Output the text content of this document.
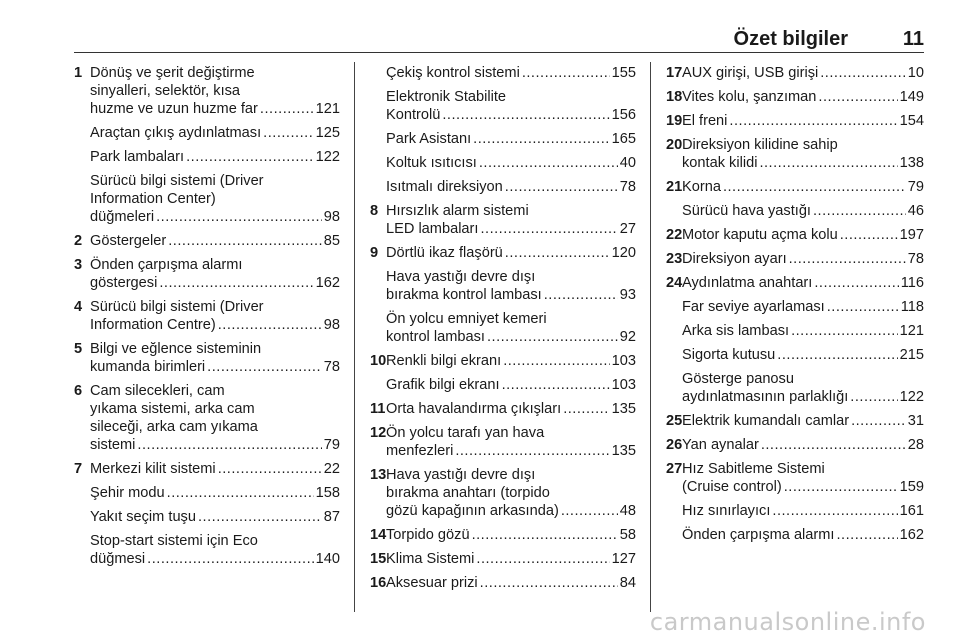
Özet bilgiler	11
1 Dönüş ve şerit değiştirme
sinyalleri, selektör, kısa
huzme ve uzun huzme far .....	121
Araçtan çıkış aydınlatması .....	125
Park lambaları .....	122
Sürücü bilgi sistemi (Driver
Information Center)
düğmeleri .....	98
2 Göstergeler .....	85
3 Önden çarpışma alarmı
göstergesi .....	162
4 Sürücü bilgi sistemi (Driver
Information Centre) .....	98
5 Bilgi ve eğlence sisteminin
kumanda birimleri .....	78
6 Cam silecekleri, cam
yıkama sistemi, arka cam
sileceği, arka cam yıkama
sistemi .....	79
7 Merkezi kilit sistemi .....	22
Şehir modu .....	158
Yakıt seçim tuşu .....	87
Stop-start sistemi için Eco
düğmesi .....	140
Çekiş kontrol sistemi .....	155
Elektronik Stabilite
Kontrolü .....	156
Park Asistanı .....	165
Koltuk ısıtıcısı .....	40
Isıtmalı direksiyon .....	78
8 Hırsızlık alarm sistemi
LED lambaları .....	27
9 Dörtlü ikaz flaşörü .....	120
Hava yastığı devre dışı
bırakma kontrol lambası .....	93
Ön yolcu emniyet kemeri
kontrol lambası .....	92
10 Renkli bilgi ekranı .....	103
Grafik bilgi ekranı .....	103
11 Orta havalandırma çıkışları .....	135
12 Ön yolcu tarafı yan hava
menfezleri .....	135
13 Hava yastığı devre dışı
bırakma anahtarı (torpido
gözü kapağının arkasında) .....	48
14 Torpido gözü .....	58
15 Klima Sistemi .....	127
16 Aksesuar prizi .....	84
17 AUX girişi, USB girişi .....	10
18 Vites kolu, şanzıman .....	149
19 El freni .....	154
20 Direksiyon kilidine sahip
kontak kilidi .....	138
21 Korna .....	79
Sürücü hava yastığı .....	46
22 Motor kaputu açma kolu .....	197
23 Direksiyon ayarı .....	78
24 Aydınlatma anahtarı .....	116
Far seviye ayarlaması .....	118
Arka sis lambası .....	121
Sigorta kutusu .....	215
Gösterge panosu
aydınlatmasının parlaklığı .....	122
25 Elektrik kumandalı camlar .....	31
26 Yan aynalar .....	28
27 Hız Sabitleme Sistemi
(Cruise control) .....	159
Hız sınırlayıcı .....	161
Önden çarpışma alarmı .....	162
carmanualsonline.info
